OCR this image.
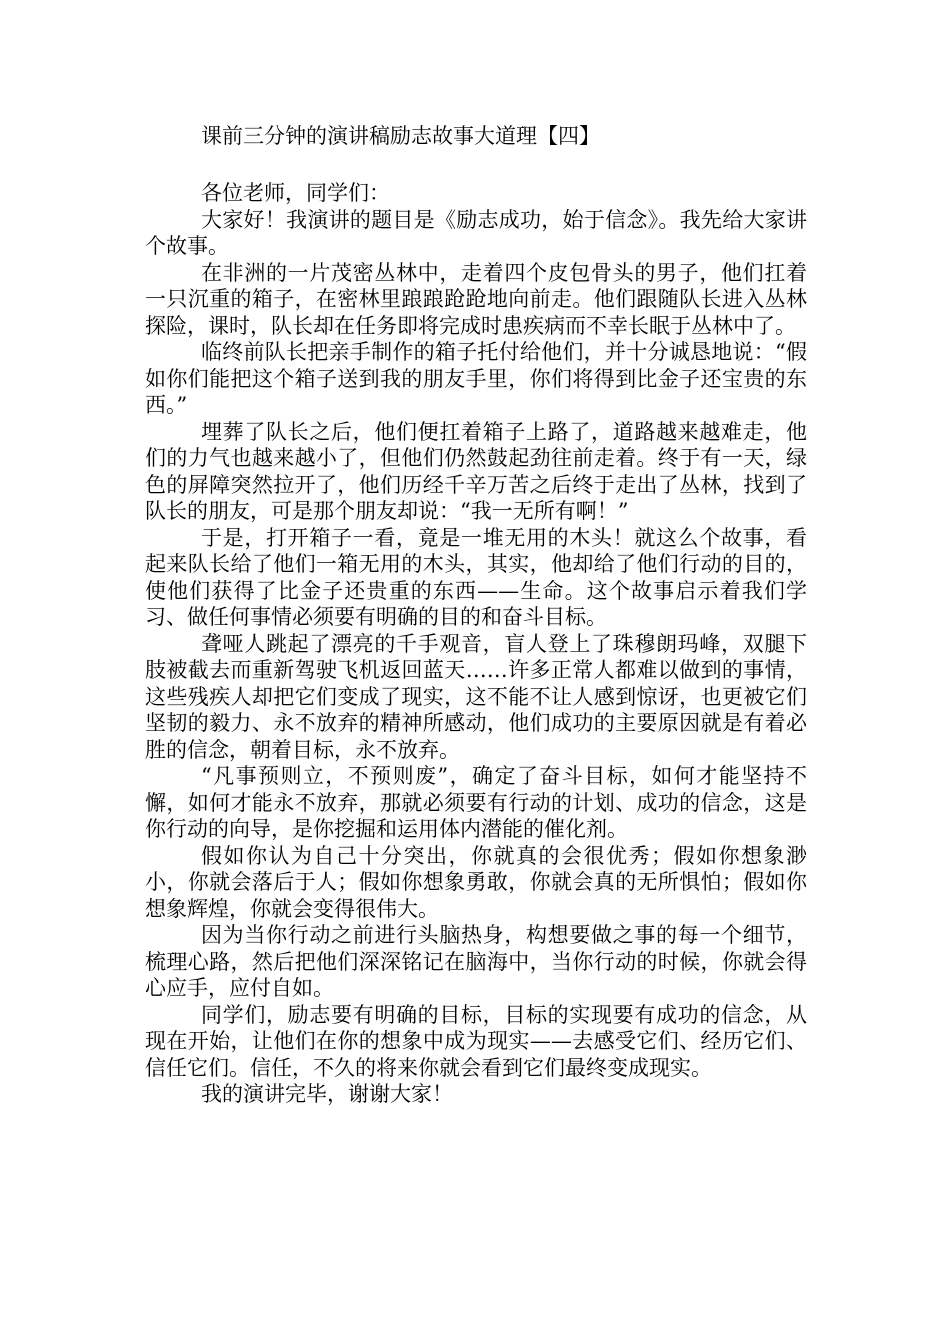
课前三分钟的演讲稿励志故事大道理【四】

各位老师，同学们：

大家好！我演讲的题目是《励志成功，始于信念》。我先给大家讲个故事。

在非洲的一片茂密丛林中，走着四个皮包骨头的男子，他们扛着一只沉重的箱子，在密林里踉踉跄跄地向前走。他们跟随队长进入丛林探险，课时，队长却在任务即将完成时患疾病而不幸长眠于丛林中了。

临终前队长把亲手制作的箱子托付给他们，并十分诚恳地说：“假如你们能把这个箱子送到我的朋友手里，你们将得到比金子还宝贵的东西。”

埋葬了队长之后，他们便扛着箱子上路了，道路越来越难走，他们的力气也越来越小了，但他们仍然鼓起劲往前走着。终于有一天，绿色的屏障突然拉开了，他们历经千辛万苦之后终于走出了丛林，找到了队长的朋友，可是那个朋友却说：“我一无所有啊！”

于是，打开箱子一看，竟是一堆无用的木头！就这么个故事，看起来队长给了他们一箱无用的木头，其实，他却给了他们行动的目的，使他们获得了比金子还贵重的东西——生命。这个故事启示着我们学习、做任何事情必须要有明确的目的和奋斗目标。

聋哑人跳起了漂亮的千手观音，盲人登上了珠穆朗玛峰，双腿下肢被截去而重新驾驶飞机返回蓝天……许多正常人都难以做到的事情，这些残疾人却把它们变成了现实，这不能不让人感到惊讶，也更被它们坚韧的毅力、永不放弃的精神所感动，他们成功的主要原因就是有着必胜的信念，朝着目标，永不放弃。

“凡事预则立，不预则废”，确定了奋斗目标，如何才能坚持不懈，如何才能永不放弃，那就必须要有行动的计划、成功的信念，这是你行动的向导，是你挖掘和运用体内潜能的催化剂。

假如你认为自己十分突出，你就真的会很优秀；假如你想象渺小，你就会落后于人；假如你想象勇敢，你就会真的无所惧怕；假如你想象辉煌，你就会变得很伟大。

因为当你行动之前进行头脑热身，构想要做之事的每一个细节，梳理心路，然后把他们深深铭记在脑海中，当你行动的时候，你就会得心应手，应付自如。

同学们，励志要有明确的目标，目标的实现要有成功的信念，从现在开始，让他们在你的想象中成为现实——去感受它们、经历它们、信任它们。信任，不久的将来你就会看到它们最终变成现实。

我的演讲完毕，谢谢大家！
